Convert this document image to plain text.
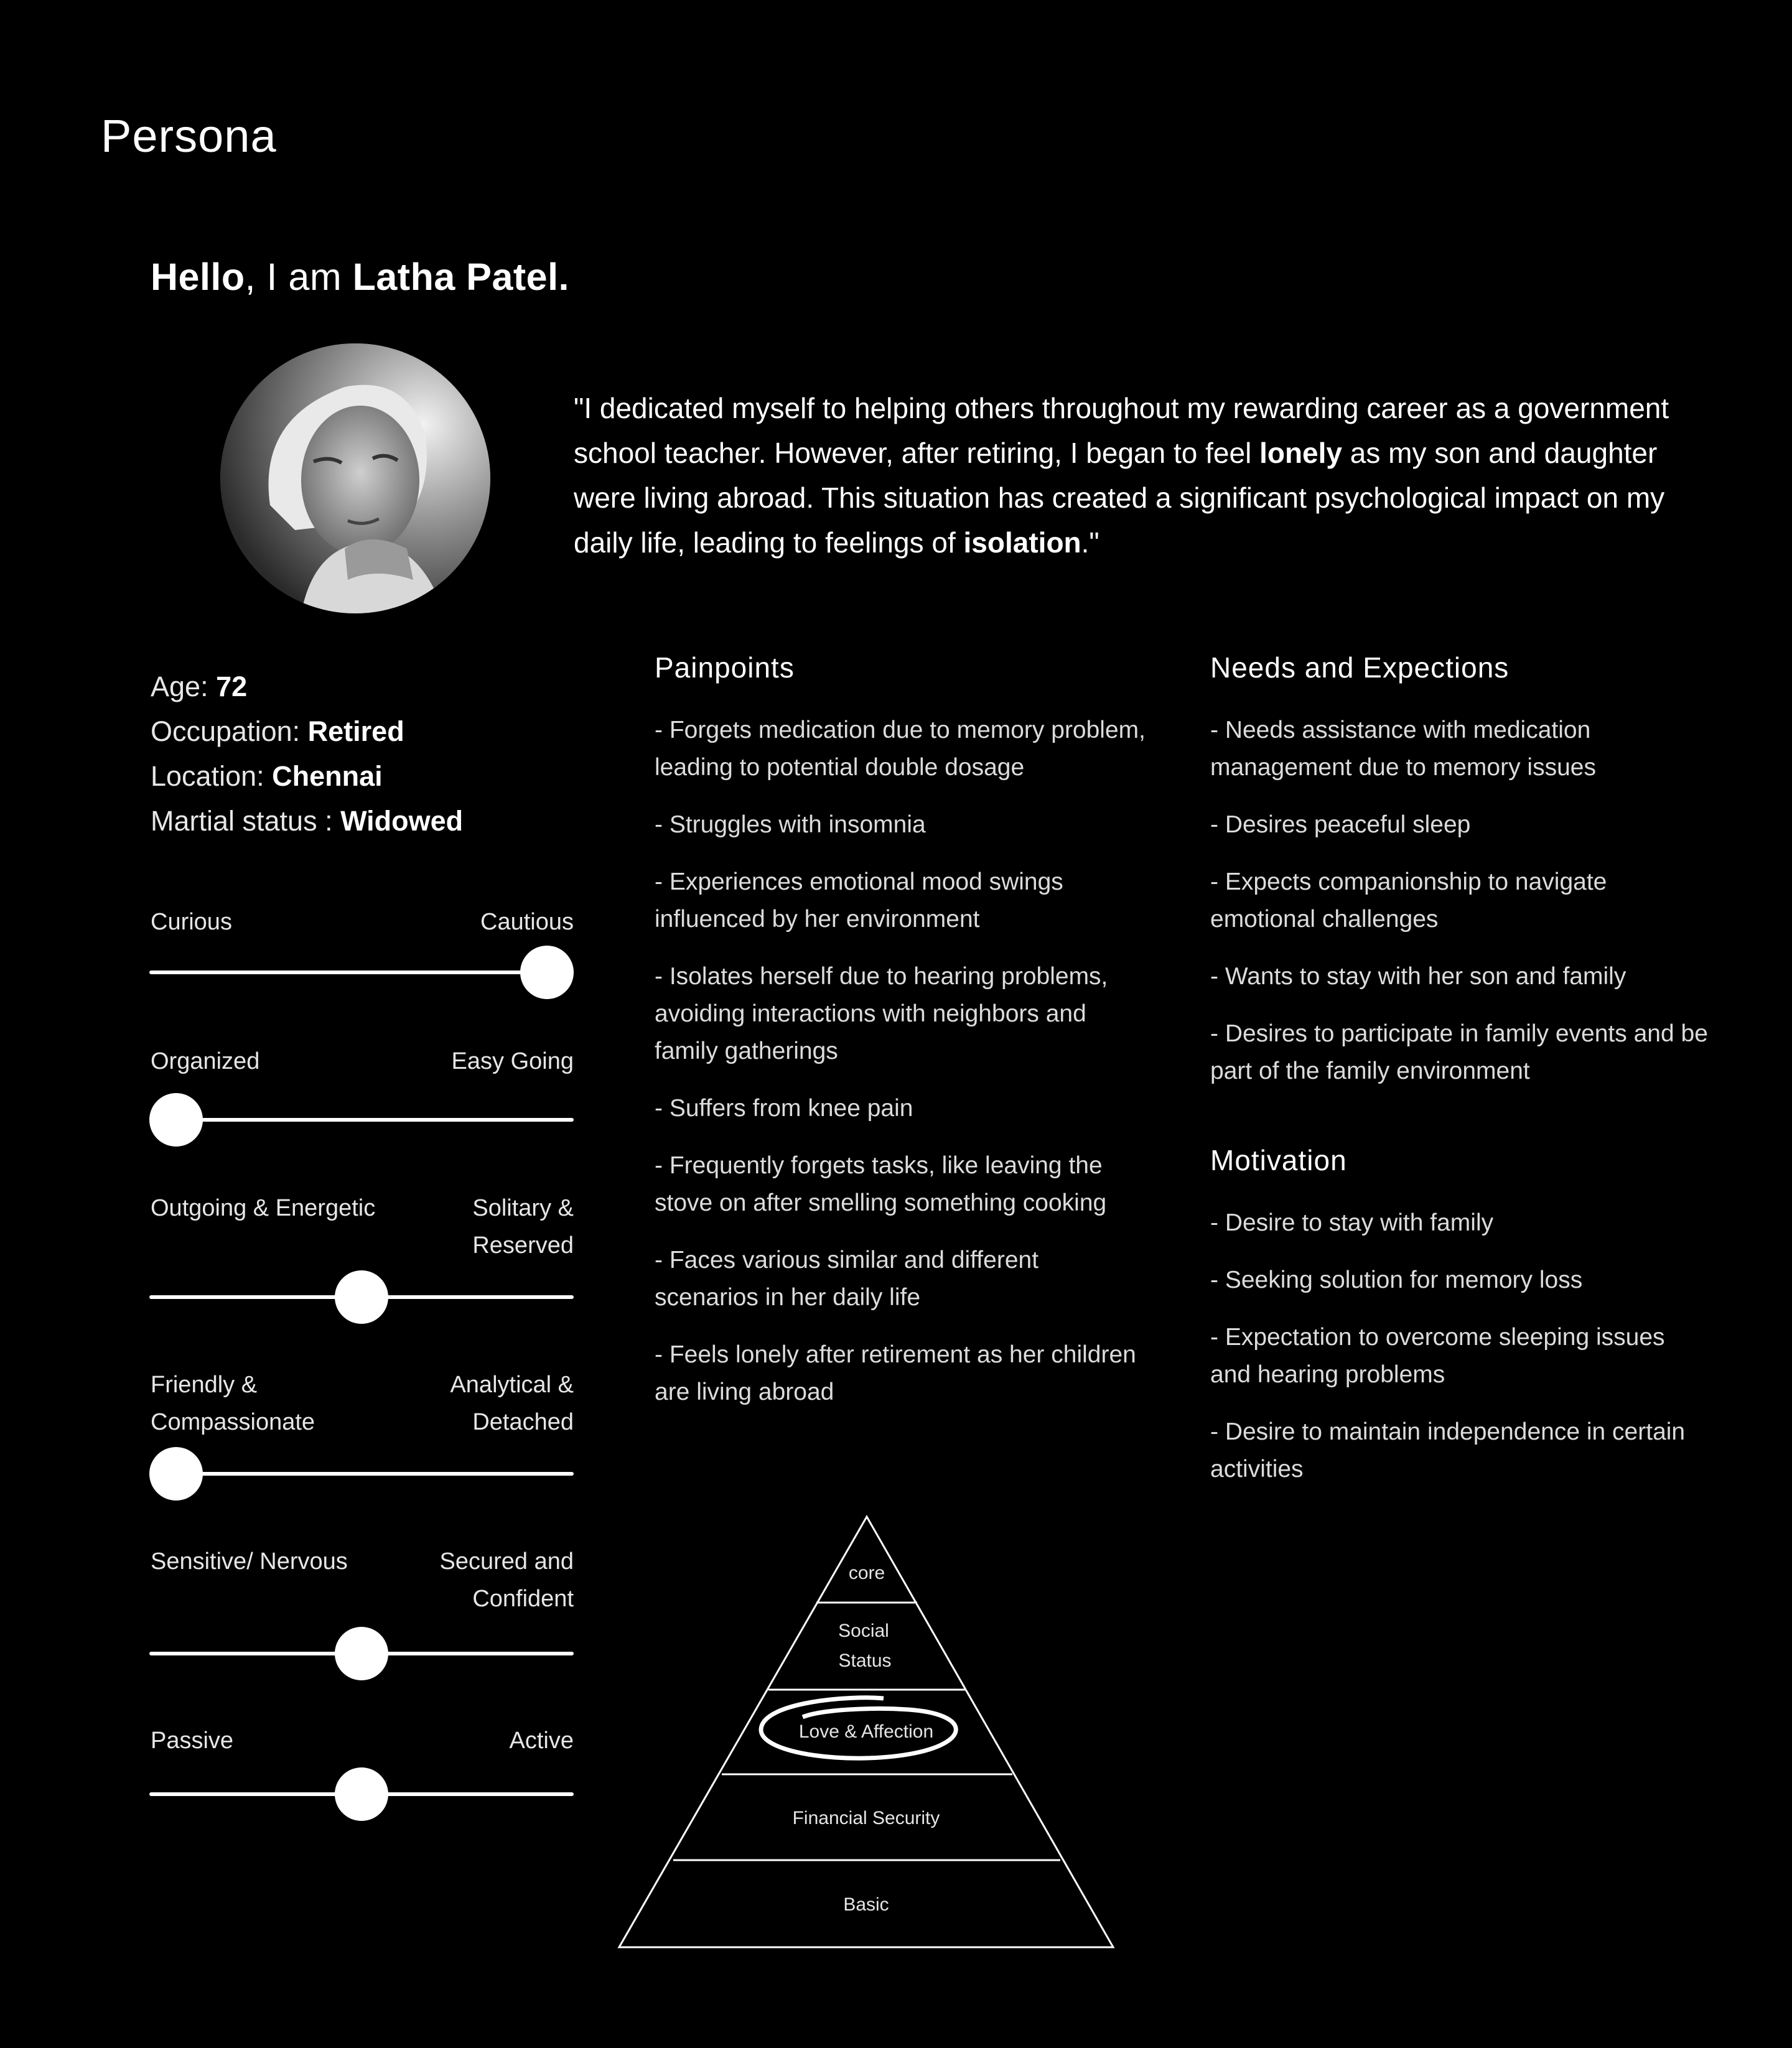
Persona
Hello, I am Latha Patel.
"I dedicated myself to helping others throughout my rewarding career as a government school teacher. However, after retiring, I began to feel lonely as my son and daughter were living abroad. This situation has created a significant psychological impact on my daily life, leading to feelings of isolation."
Age: 72
Occupation: Retired
Location: Chennai
Martial status : Widowed
Curious	Cautious
Organized	Easy Going
Outgoing & Energetic	Solitary & Reserved
Friendly & Compassionate
Analytical & Detached
Sensitive/ Nervous	Secured and Confident
Passive	Active
Painpoints
- Forgets medication due to memory problem, leading to potential double dosage
- Struggles with insomnia
- Experiences emotional mood swings influenced by her environment
- Isolates herself due to hearing problems, avoiding interactions with neighbors and family gatherings
- Suffers from knee pain
- Frequently forgets tasks, like leaving the stove on after smelling something cooking
- Faces various similar and different scenarios in her daily life
- Feels lonely after retirement as her children are living abroad
Needs and Expections
- Needs assistance with medication management due to memory issues
- Desires peaceful sleep
- Expects companionship to navigate emotional challenges
- Wants to stay with her son and family
- Desires to participate in family events and be part of the family environment
Motivation
- Desire to stay with family
- Seeking solution for memory loss
- Expectation to overcome sleeping issues and hearing problems
- Desire to maintain independence in certain activities
core
Social
Status
Love & Affection
Financial Security
Basic
